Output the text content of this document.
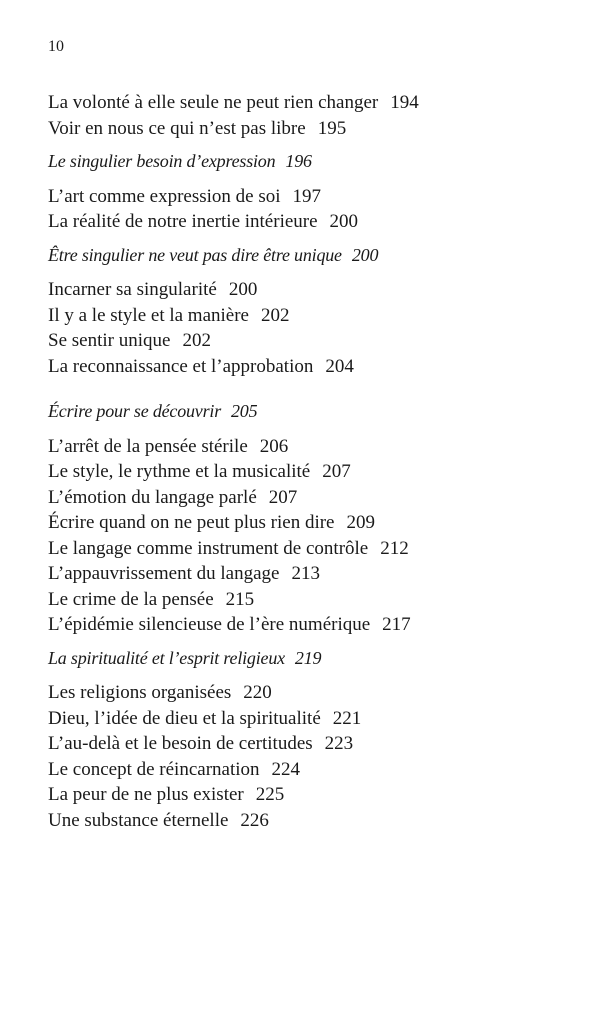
10
La volonté à elle seule ne peut rien changer 194
Voir en nous ce qui n’est pas libre 195
Le singulier besoin d’expression 196
L’art comme expression de soi 197
La réalité de notre inertie intérieure 200
Être singulier ne veut pas dire être unique 200
Incarner sa singularité 200
Il y a le style et la manière 202
Se sentir unique 202
La reconnaissance et l’approbation 204
Écrire pour se découvrir 205
L’arrêt de la pensée stérile 206
Le style, le rythme et la musicalité 207
L’émotion du langage parlé 207
Écrire quand on ne peut plus rien dire 209
Le langage comme instrument de contrôle 212
L’appauvrissement du langage 213
Le crime de la pensée 215
L’épidémie silencieuse de l’ère numérique 217
La spiritualité et l’esprit religieux 219
Les religions organisées 220
Dieu, l’idée de dieu et la spiritualité 221
L’au-delà et le besoin de certitudes 223
Le concept de réincarnation 224
La peur de ne plus exister 225
Une substance éternelle 226
